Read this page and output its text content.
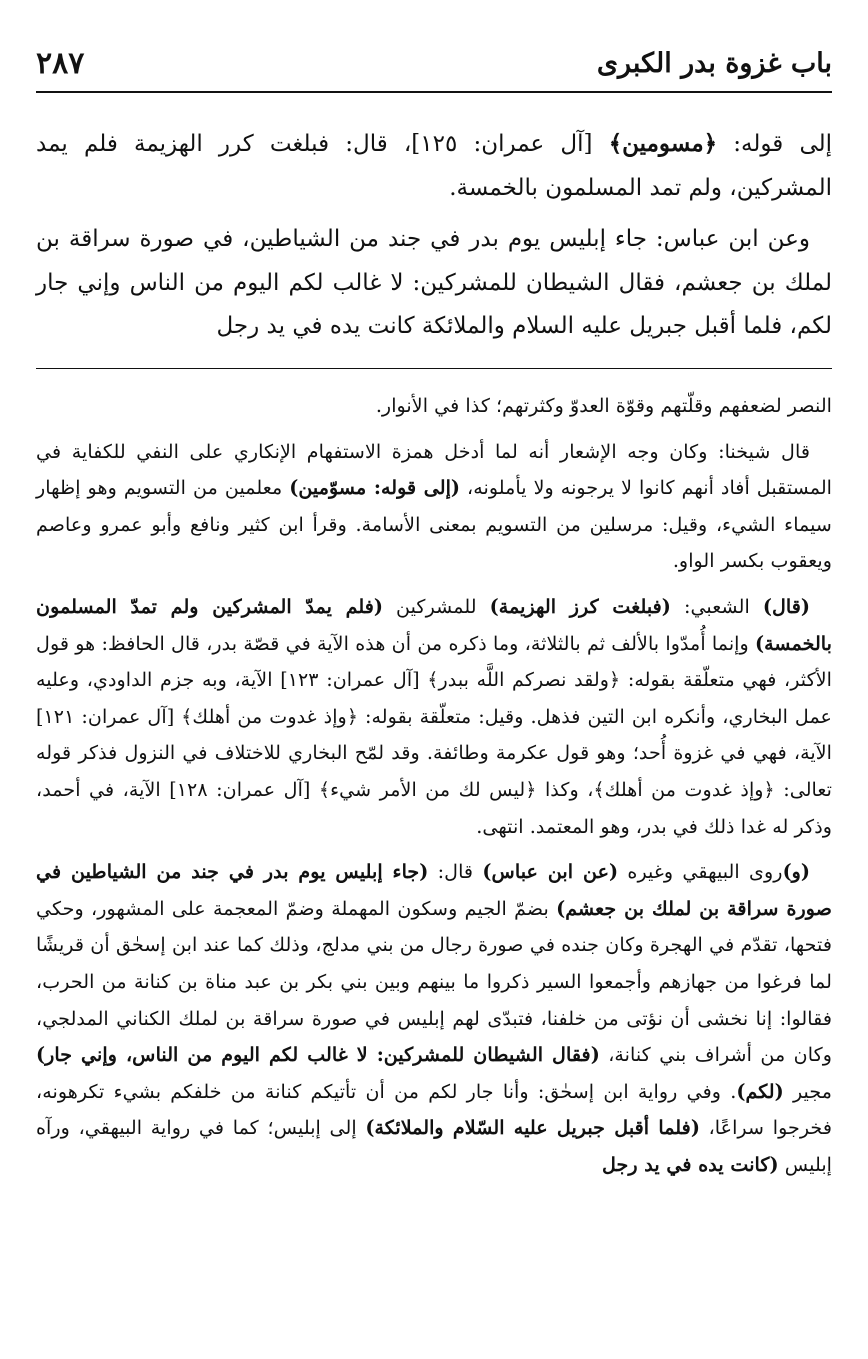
باب غزوة بدر الكبرى
٢٨٧

إلى قوله: ﴿مسومين﴾ [آل عمران: ١٢٥]، قال: فبلغت كرر الهزيمة فلم يمد المشركين، ولم تمد المسلمون بالخمسة.

وعن ابن عباس: جاء إبليس يوم بدر في جند من الشياطين، في صورة سراقة بن لملك بن جعشم، فقال الشيطان للمشركين: لا غالب لكم اليوم من الناس وإني جار لكم، فلما أقبل جبريل عليه السلام والملائكة كانت يده في يد رجل

النصر لضعفهم وقلّتهم وقوّة العدوّ وكثرتهم؛ كذا في الأنوار.

قال شيخنا: وكان وجه الإشعار أنه لما أدخل همزة الاستفهام الإنكاري على النفي للكفاية في المستقبل أفاد أنهم كانوا لا يرجونه ولا يأملونه، (إلى قوله: مسوّمين) معلمين من التسويم وهو إظهار سيماء الشيء، وقيل: مرسلين من التسويم بمعنى الأسامة. وقرأ ابن كثير ونافع وأبو عمرو وعاصم ويعقوب بكسر الواو.

(قال) الشعبي: (فبلغت كرز الهزيمة) للمشركين (فلم يمدّ المشركين ولم تمدّ المسلمون بالخمسة) وإنما أُمدّوا بالألف ثم بالثلاثة، وما ذكره من أن هذه الآية في قصّة بدر، قال الحافظ: هو قول الأكثر، فهي متعلّقة بقوله: ﴿ولقد نصركم اللَّه ببدر﴾ [آل عمران: ١٢٣] الآية، وبه جزم الداودي، وعليه عمل البخاري، وأنكره ابن التين فذهل. وقيل: متعلّقة بقوله: ﴿وإذ غدوت من أهلك﴾ [آل عمران: ١٢١] الآية، فهي في غزوة أُحد؛ وهو قول عكرمة وطائفة. وقد لمّح البخاري للاختلاف في النزول فذكر قوله تعالى: ﴿وإذ غدوت من أهلك﴾، وكذا ﴿ليس لك من الأمر شيء﴾ [آل عمران: ١٢٨] الآية، في أحمد، وذكر له غدا ذلك في بدر، وهو المعتمد. انتهى.

(و)روى البيهقي وغيره (عن ابن عباس) قال: (جاء إبليس يوم بدر في جند من الشياطين في صورة سراقة بن لملك بن جعشم) بضمّ الجيم وسكون المهملة وضمّ المعجمة على المشهور، وحكي فتحها، تقدّم في الهجرة وكان جنده في صورة رجال من بني مدلج، وذلك كما عند ابن إسحٰق أن قريشًا لما فرغوا من جهازهم وأجمعوا السير ذكروا ما بينهم وبين بني بكر بن عبد مناة بن كنانة من الحرب، فقالوا: إنا نخشى أن نؤتى من خلفنا، فتبدّى لهم إبليس في صورة سراقة بن لملك الكناني المدلجي، وكان من أشراف بني كنانة، (فقال الشيطان للمشركين: لا غالب لكم اليوم من الناس، وإني جار) مجير (لكم). وفي رواية ابن إسحٰق: وأنا جار لكم من أن تأتيكم كنانة من خلفكم بشيء تكرهونه، فخرجوا سراعًا، (فلما أقبل جبريل عليه السّلام والملائكة) إلى إبليس؛ كما في رواية البيهقي، ورآه إبليس (كانت يده في يد رجل
